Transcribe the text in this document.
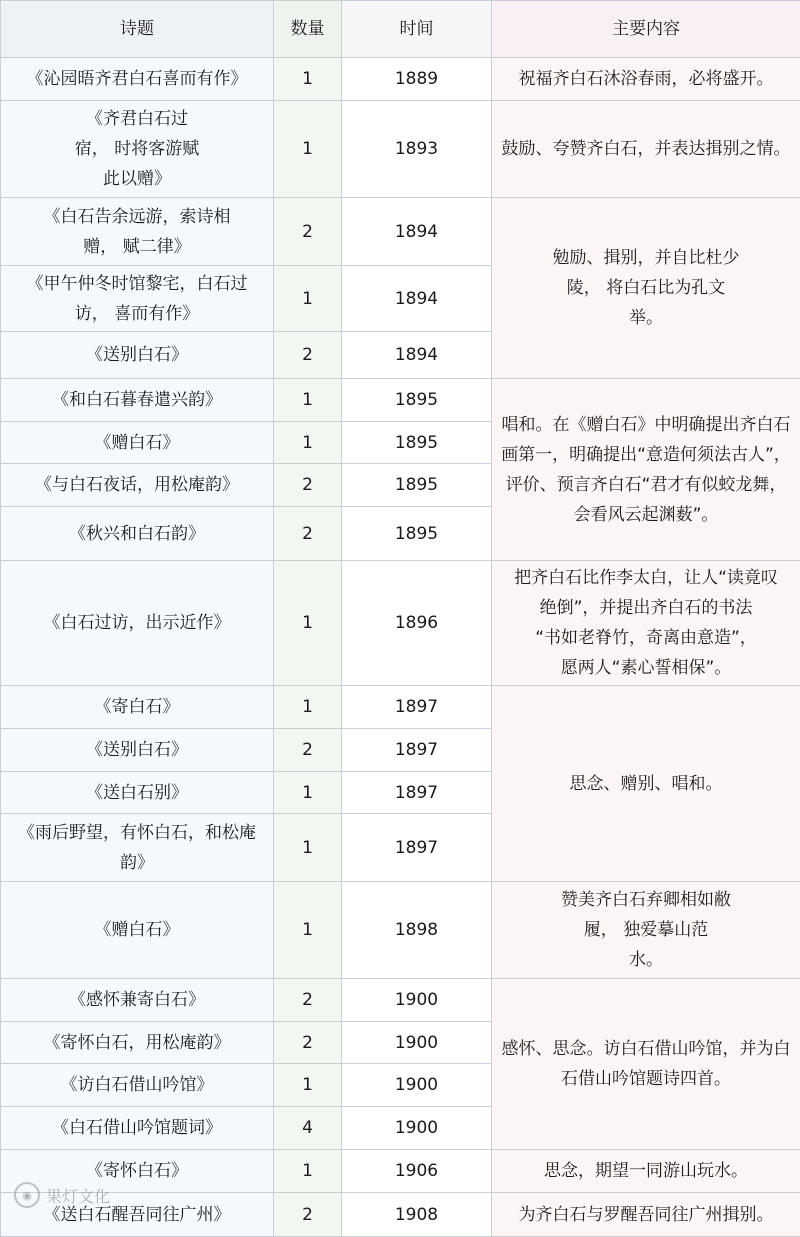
诗题	数量	时间	主要内容

《沁园晤齐君白石喜而有作》	1	1889	祝福齐白石沐浴春雨，必将盛开。

《齐君白石过
宿， 时将客游赋
此以赠》	1	1893	鼓励、夸赞齐白石，并表达揖别之情。

《白石告余远游，索诗相
赠， 赋二律》	2	1894	勉励、揖别，并自比杜少
陵， 将白石比为孔文
举。

《甲午仲冬时馆黎宅，白石过
访， 喜而有作》	1	1894	

《送别白石》	2	1894	

《和白石暮春遣兴韵》	1	1895	唱和。在《赠白石》中明确提出齐白石
画第一，明确提出“意造何须法古人”，
评价、预言齐白石“君才有似蛟龙舞，
会看风云起渊薮”。

《赠白石》	1	1895	

《与白石夜话，用松庵韵》	2	1895	

《秋兴和白石韵》	2	1895	

《白石过访，出示近作》	1	1896	把齐白石比作李太白，让人“读竟叹
绝倒”，并提出齐白石的书法
“书如老脊竹，奇离由意造”，
愿两人“素心誓相保”。

《寄白石》	1	1897	思念、赠别、唱和。

《送别白石》	2	1897	

《送白石别》	1	1897	

《雨后野望，有怀白石，和松庵
韵》	1	1897	

《赠白石》	1	1898	赞美齐白石弃卿相如敝
履， 独爱摹山范
水。

《感怀兼寄白石》	2	1900	感怀、思念。访白石借山吟馆，并为白
石借山吟馆题诗四首。

《寄怀白石，用松庵韵》	2	1900	

《访白石借山吟馆》	1	1900	

《白石借山吟馆题词》	4	1900	

《寄怀白石》	1	1906	思念，期望一同游山玩水。

《送白石醒吾同往广州》	2	1908	为齐白石与罗醒吾同往广州揖别。
◉ 果灯文化
